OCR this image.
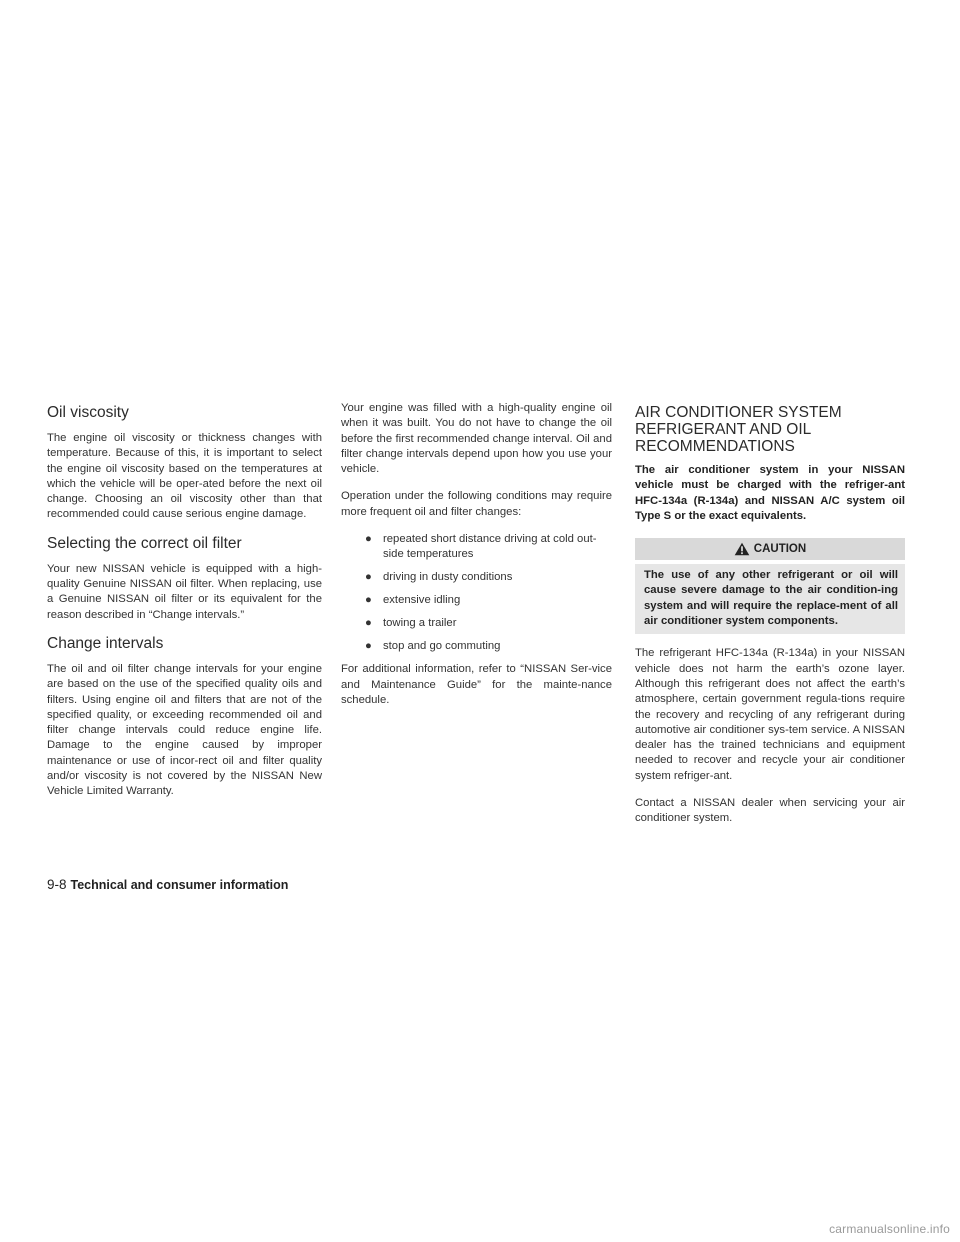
Oil viscosity

The engine oil viscosity or thickness changes with temperature. Because of this, it is important to select the engine oil viscosity based on the temperatures at which the vehicle will be oper-ated before the next oil change. Choosing an oil viscosity other than that recommended could cause serious engine damage.

Selecting the correct oil filter

Your new NISSAN vehicle is equipped with a high-quality Genuine NISSAN oil filter. When replacing, use a Genuine NISSAN oil filter or its equivalent for the reason described in “Change intervals.”

Change intervals

The oil and oil filter change intervals for your engine are based on the use of the specified quality oils and filters. Using engine oil and filters that are not of the specified quality, or exceeding recommended oil and filter change intervals could reduce engine life. Damage to the engine caused by improper maintenance or use of incor-rect oil and filter quality and/or viscosity is not covered by the NISSAN New Vehicle Limited Warranty.

Your engine was filled with a high-quality engine oil when it was built. You do not have to change the oil before the first recommended change interval. Oil and filter change intervals depend upon how you use your vehicle.

Operation under the following conditions may require more frequent oil and filter changes:

● repeated short distance driving at cold out-side temperatures
● driving in dusty conditions
● extensive idling
● towing a trailer
● stop and go commuting

For additional information, refer to “NISSAN Ser-vice and Maintenance Guide” for the mainte-nance schedule.

AIR CONDITIONER SYSTEM
REFRIGERANT AND OIL
RECOMMENDATIONS

The air conditioner system in your NISSAN vehicle must be charged with the refriger-ant HFC-134a (R-134a) and NISSAN A/C system oil Type S or the exact equivalents.

CAUTION
The use of any other refrigerant or oil will cause severe damage to the air condition-ing system and will require the replace-ment of all air conditioner system components.

The refrigerant HFC-134a (R-134a) in your NISSAN vehicle does not harm the earth’s ozone layer. Although this refrigerant does not affect the earth’s atmosphere, certain government regula-tions require the recovery and recycling of any refrigerant during automotive air conditioner sys-tem service. A NISSAN dealer has the trained technicians and equipment needed to recover and recycle your air conditioner system refriger-ant.

Contact a NISSAN dealer when servicing your air conditioner system.

9-8 Technical and consumer information
carmanualsonline.info
